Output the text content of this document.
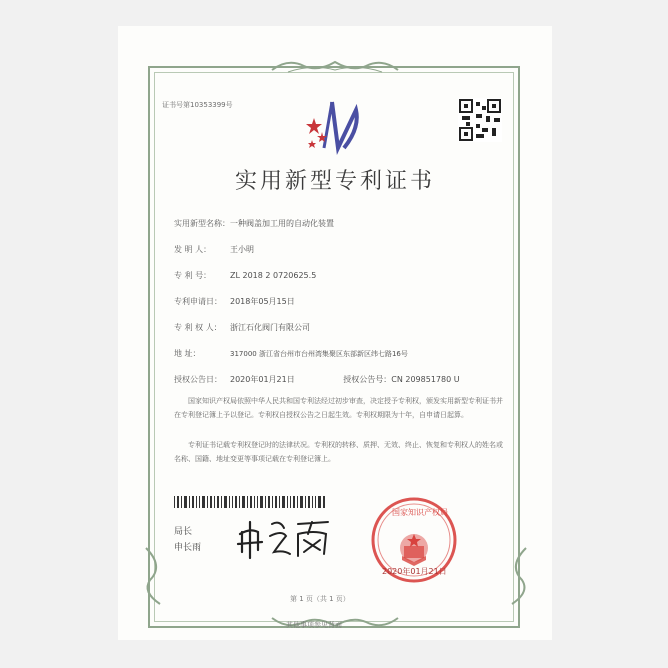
证书号第10353399号
实用新型专利证书
实用新型名称：一种阀盖加工用的自动化装置
发 明 人： 王小明
专 利 号： ZL 2018 2 0720625.5
专利申请日： 2018年05月15日
专 利 权 人： 浙江石化阀门有限公司
地 址：	317000 浙江省台州市台州湾集聚区东部新区纬七路16号
授权公告日： 2020年01月21日	授权公告号：CN 209851780 U
国家知识产权局依照中华人民共和国专利法经过初步审查，决定授予专利权，颁发实用新型专利证书并在专利登记簿上予以登记。专利权自授权公告之日起生效。专利权期限为十年，自申请日起算。
专利证书记载专利权登记时的法律状况。专利权的转移、质押、无效、终止、恢复和专利权人的姓名或名称、国籍、地址变更等事项记载在专利登记簿上。
局长
申长雨
国家知识产权局
2020年01月21日
第 1 页（共 1 页）
其他事项参见背面
